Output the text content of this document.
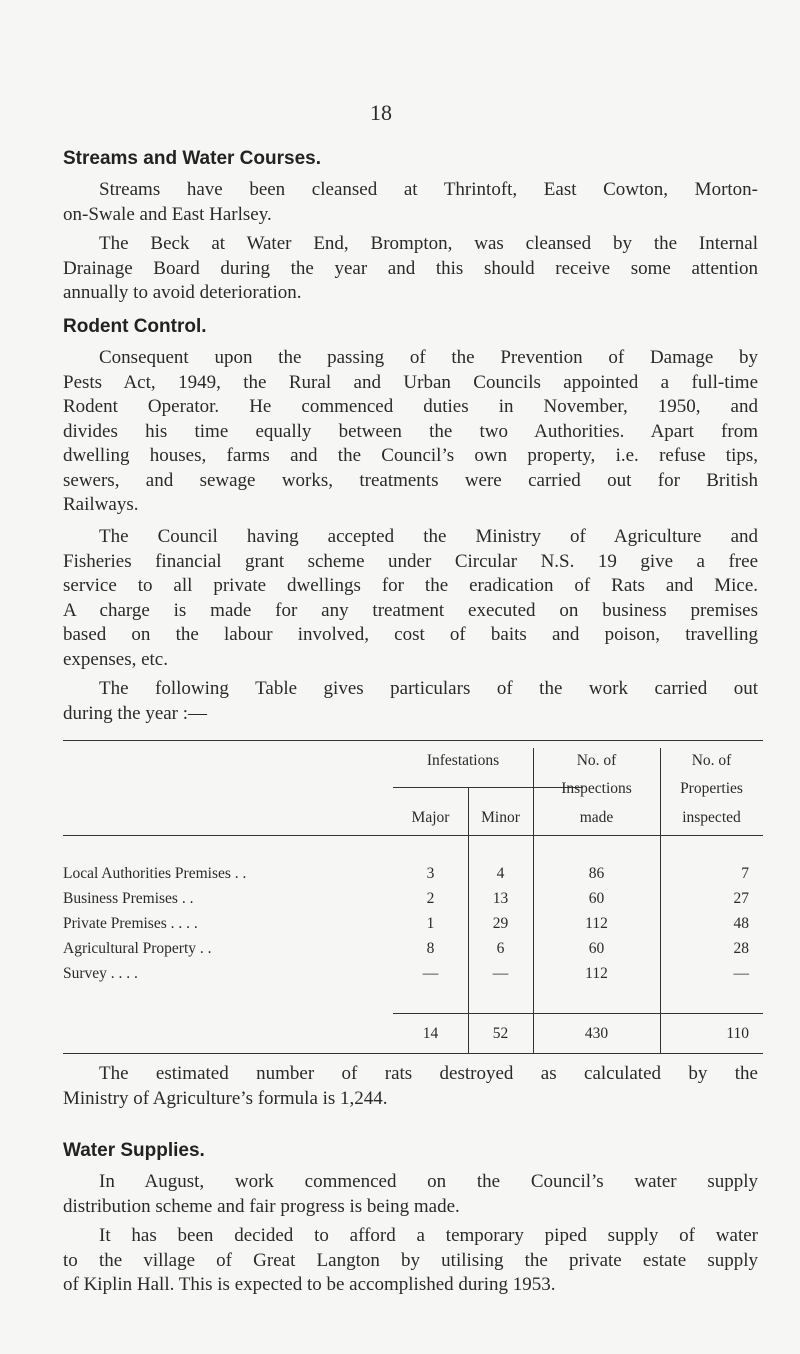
18
Streams and Water Courses.
Streams have been cleansed at Thrintoft, East Cowton, Morton-
on-Swale and East Harlsey.
The Beck at Water End, Brompton, was cleansed by the Internal
Drainage Board during the year and this should receive some attention
annually to avoid deterioration.
Rodent Control.
Consequent upon the passing of the Prevention of Damage by
Pests Act, 1949, the Rural and Urban Councils appointed a full-time
Rodent Operator. He commenced duties in November, 1950, and
divides his time equally between the two Authorities. Apart from
dwelling houses, farms and the Council’s own property, i.e. refuse tips,
sewers, and sewage works, treatments were carried out for British
Railways.
The Council having accepted the Ministry of Agriculture and
Fisheries financial grant scheme under Circular N.S. 19 give a free
service to all private dwellings for the eradication of Rats and Mice.
A charge is made for any treatment executed on business premises
based on the labour involved, cost of baits and poison, travelling
expenses, etc.
The following Table gives particulars of the work carried out
during the year :—
Infestations
Major	Minor
No. of
Inspections
made
No. of
Properties
inspected
Local Authorities Premises . .	3	4	86	7
Business Premises . .	2	13	60	27
Private Premises . . . .	1	29	112	48
Agricultural Property . .	8	6	60	28
Survey . . . .	—	—	112	—
14	52	430	110
The estimated number of rats destroyed as calculated by the
Ministry of Agriculture’s formula is 1,244.
Water Supplies.
In August, work commenced on the Council’s water supply
distribution scheme and fair progress is being made.
It has been decided to afford a temporary piped supply of water
to the village of Great Langton by utilising the private estate supply
of Kiplin Hall. This is expected to be accomplished during 1953.
